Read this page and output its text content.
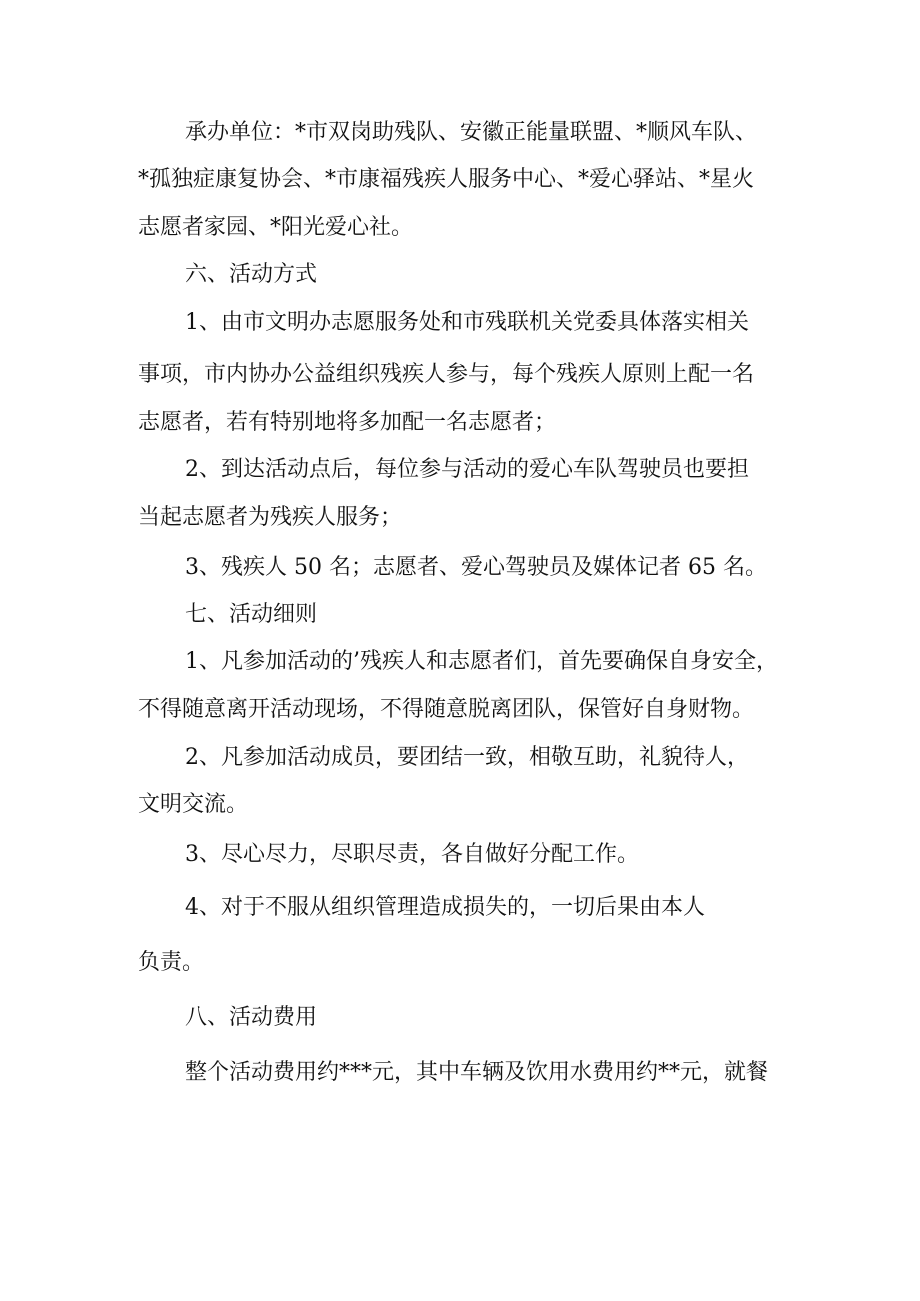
承办单位：*市双岗助残队、安徽正能量联盟、*顺风车队、
*孤独症康复协会、*市康福残疾人服务中心、*爱心驿站、*星火
志愿者家园、*阳光爱心社。
六、活动方式
1、由市文明办志愿服务处和市残联机关党委具体落实相关
事项，市内协办公益组织残疾人参与，每个残疾人原则上配一名
志愿者，若有特别地将多加配一名志愿者；
2、到达活动点后，每位参与活动的爱心车队驾驶员也要担
当起志愿者为残疾人服务；
3、残疾人 50 名；志愿者、爱心驾驶员及媒体记者 65 名。
七、活动细则
1、凡参加活动的’残疾人和志愿者们，首先要确保自身安全，
不得随意离开活动现场，不得随意脱离团队，保管好自身财物。
2、凡参加活动成员，要团结一致，相敬互助，礼貌待人，
文明交流。
3、尽心尽力，尽职尽责，各自做好分配工作。
4、对于不服从组织管理造成损失的，一切后果由本人
负责。
八、活动费用
整个活动费用约***元，其中车辆及饮用水费用约**元，就餐
